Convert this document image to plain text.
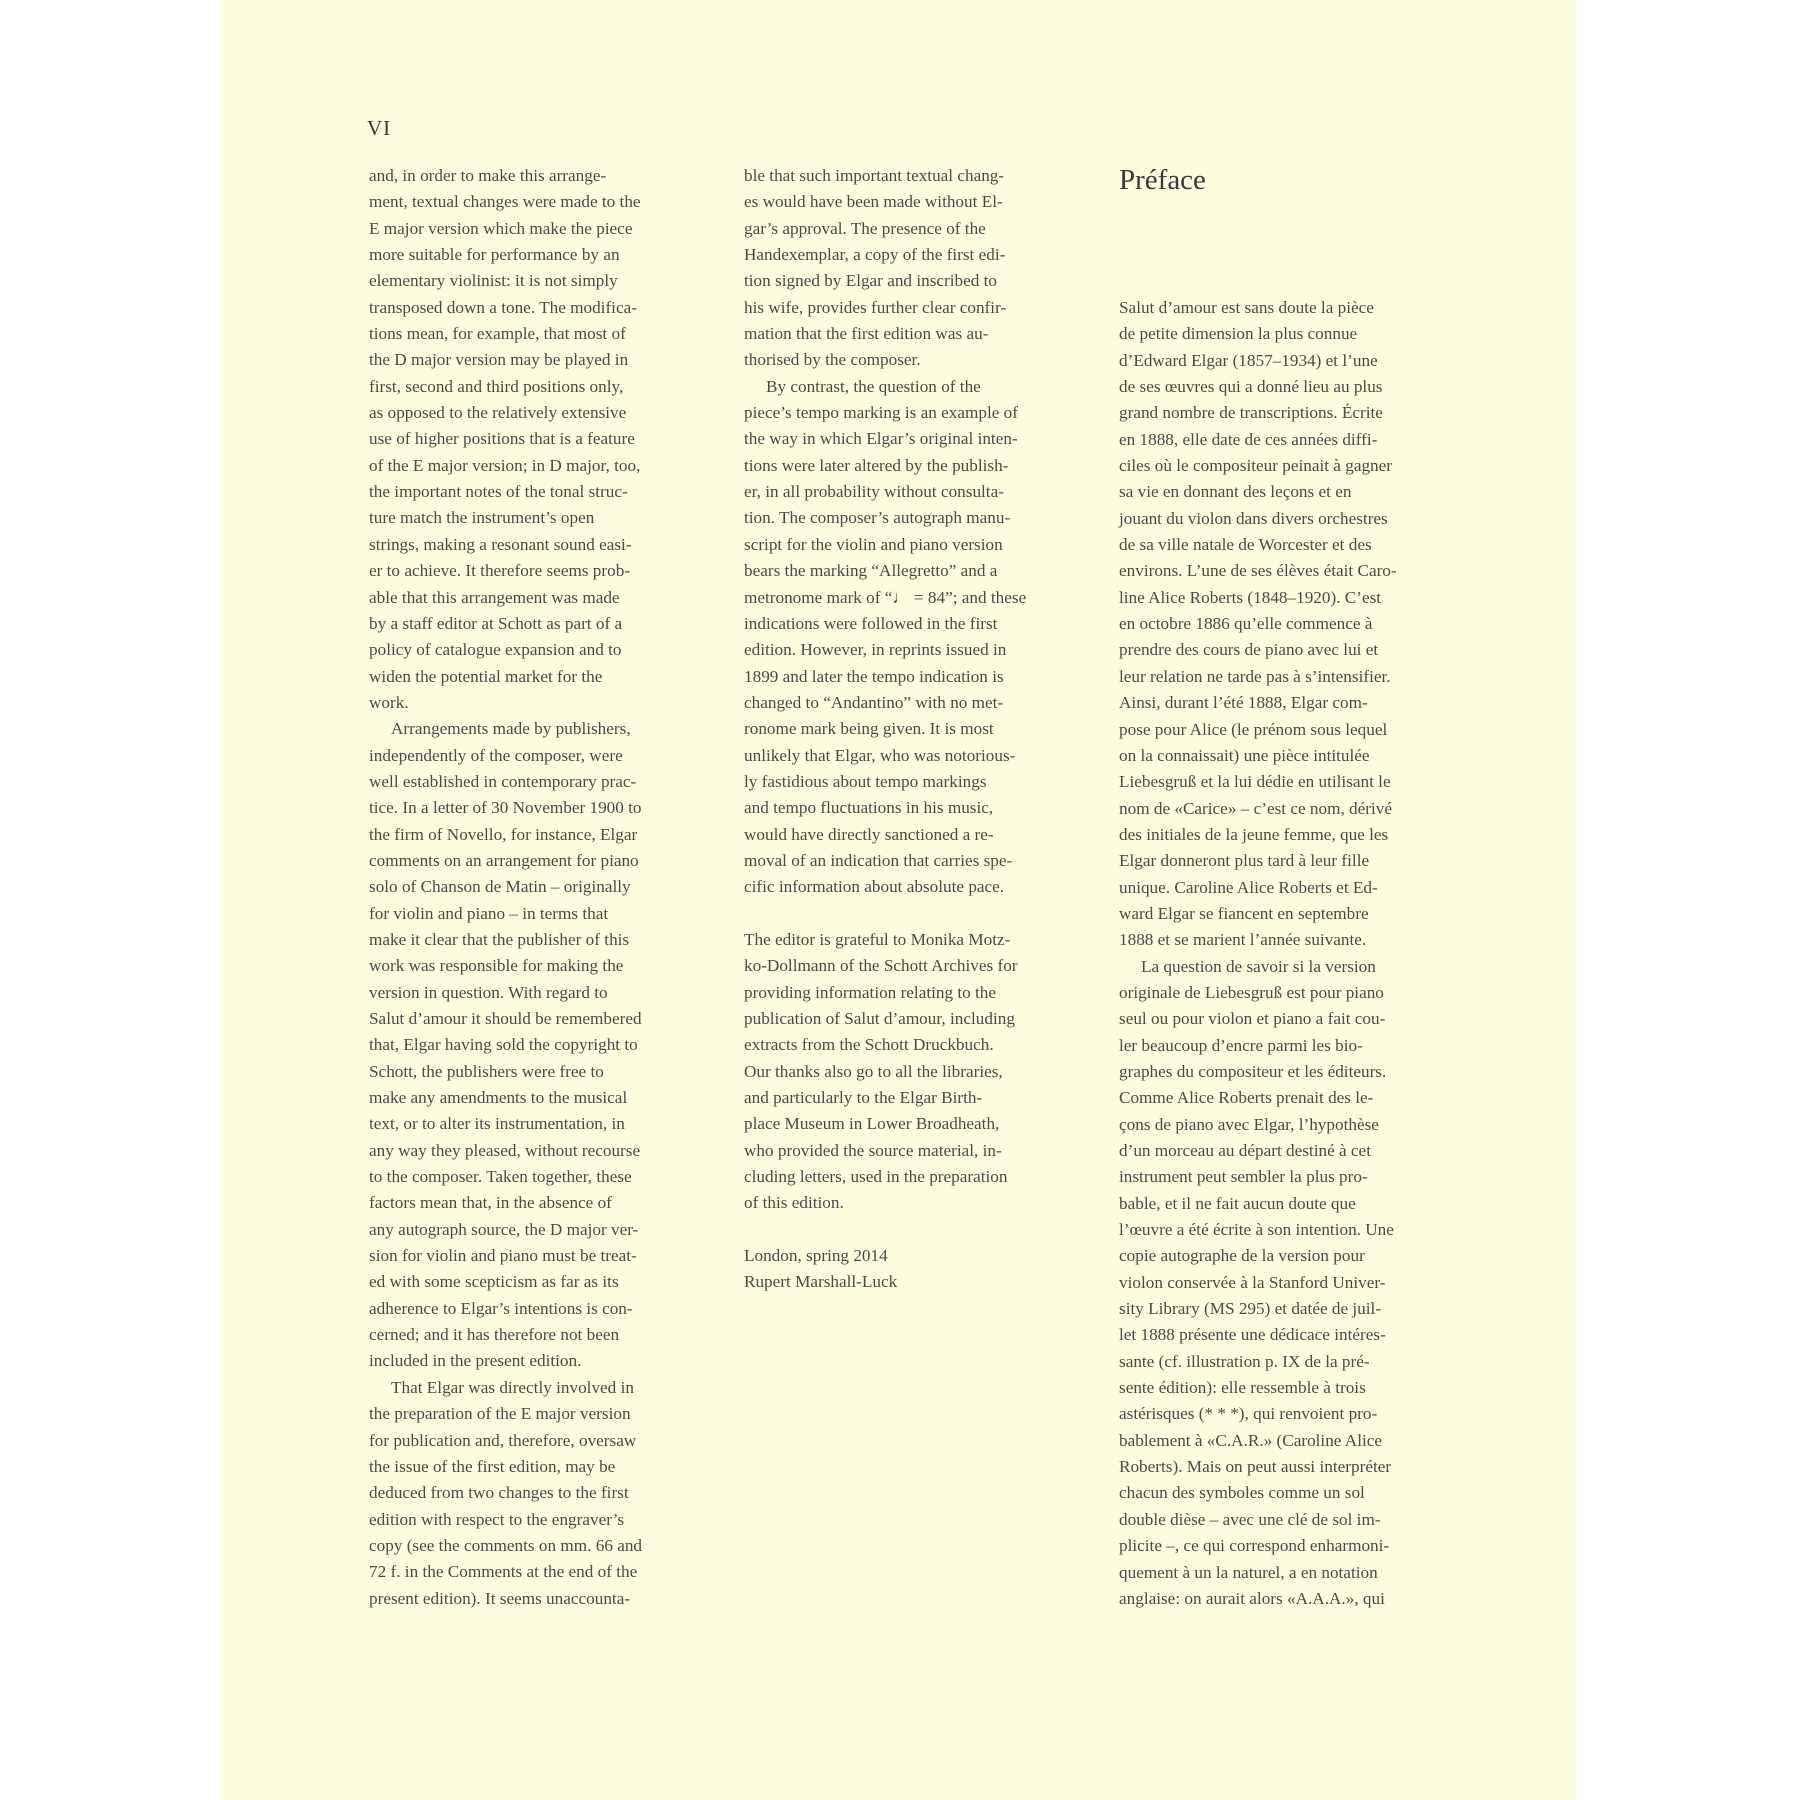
VI
and, in order to make this arrange-
ment, textual changes were made to the
E major version which make the piece
more suitable for performance by an
elementary violinist: it is not simply
transposed down a tone. The modifica-
tions mean, for example, that most of
the D major version may be played in
first, second and third positions only,
as opposed to the relatively extensive
use of higher positions that is a feature
of the E major version; in D major, too,
the important notes of the tonal struc-
ture match the instrument’s open
strings, making a resonant sound easi-
er to achieve. It therefore seems prob-
able that this arrangement was made
by a staff editor at Schott as part of a
policy of catalogue expansion and to
widen the potential market for the
work.
Arrangements made by publishers,
independently of the composer, were
well established in contemporary prac-
tice. In a letter of 30 November 1900 to
the firm of Novello, for instance, Elgar
comments on an arrangement for piano
solo of Chanson de Matin – originally
for violin and piano – in terms that
make it clear that the publisher of this
work was responsible for making the
version in question. With regard to
Salut d’amour it should be remembered
that, Elgar having sold the copyright to
Schott, the publishers were free to
make any amendments to the musical
text, or to alter its instrumentation, in
any way they pleased, without recourse
to the composer. Taken together, these
factors mean that, in the absence of
any autograph source, the D major ver-
sion for violin and piano must be treat-
ed with some scepticism as far as its
adherence to Elgar’s intentions is con-
cerned; and it has therefore not been
included in the present edition.
That Elgar was directly involved in
the preparation of the E major version
for publication and, therefore, oversaw
the issue of the first edition, may be
deduced from two changes to the first
edition with respect to the engraver’s
copy (see the comments on mm. 66 and
72 f. in the Comments at the end of the
present edition). It seems unaccounta-
ble that such important textual chang-
es would have been made without El-
gar’s approval. The presence of the
Handexemplar, a copy of the first edi-
tion signed by Elgar and inscribed to
his wife, provides further clear confir-
mation that the first edition was au-
thorised by the composer.
By contrast, the question of the
piece’s tempo marking is an example of
the way in which Elgar’s original inten-
tions were later altered by the publish-
er, in all probability without consulta-
tion. The composer’s autograph manu-
script for the violin and piano version
bears the marking “Allegretto” and a
metronome mark of “♩ = 84”; and these
indications were followed in the first
edition. However, in reprints issued in
1899 and later the tempo indication is
changed to “Andantino” with no met-
ronome mark being given. It is most
unlikely that Elgar, who was notorious-
ly fastidious about tempo markings
and tempo fluctuations in his music,
would have directly sanctioned a re-
moval of an indication that carries spe-
cific information about absolute pace.
The editor is grateful to Monika Motz-
ko-Dollmann of the Schott Archives for
providing information relating to the
publication of Salut d’amour, including
extracts from the Schott Druckbuch.
Our thanks also go to all the libraries,
and particularly to the Elgar Birth-
place Museum in Lower Broadheath,
who provided the source material, in-
cluding letters, used in the preparation
of this edition.
London, spring 2014
Rupert Marshall-Luck
Préface
Salut d’amour est sans doute la pièce
de petite dimension la plus connue
d’Edward Elgar (1857–1934) et l’une
de ses œuvres qui a donné lieu au plus
grand nombre de transcriptions. Écrite
en 1888, elle date de ces années diffi-
ciles où le compositeur peinait à gagner
sa vie en donnant des leçons et en
jouant du violon dans divers orchestres
de sa ville natale de Worcester et des
environs. L’une de ses élèves était Caro-
line Alice Roberts (1848–1920). C’est
en octobre 1886 qu’elle commence à
prendre des cours de piano avec lui et
leur relation ne tarde pas à s’intensifier.
Ainsi, durant l’été 1888, Elgar com-
pose pour Alice (le prénom sous lequel
on la connaissait) une pièce intitulée
Liebesgruß et la lui dédie en utilisant le
nom de «Carice» – c’est ce nom, dérivé
des initiales de la jeune femme, que les
Elgar donneront plus tard à leur fille
unique. Caroline Alice Roberts et Ed-
ward Elgar se fiancent en septembre
1888 et se marient l’année suivante.
La question de savoir si la version
originale de Liebesgruß est pour piano
seul ou pour violon et piano a fait cou-
ler beaucoup d’encre parmi les bio-
graphes du compositeur et les éditeurs.
Comme Alice Roberts prenait des le-
çons de piano avec Elgar, l’hypothèse
d’un morceau au départ destiné à cet
instrument peut sembler la plus pro-
bable, et il ne fait aucun doute que
l’œuvre a été écrite à son intention. Une
copie autographe de la version pour
violon conservée à la Stanford Univer-
sity Library (MS 295) et datée de juil-
let 1888 présente une dédicace intéres-
sante (cf. illustration p. IX de la pré-
sente édition): elle ressemble à trois
astérisques (* * *), qui renvoient pro-
bablement à «C.A.R.» (Caroline Alice
Roberts). Mais on peut aussi interpréter
chacun des symboles comme un sol
double dièse – avec une clé de sol im-
plicite –, ce qui correspond enharmoni-
quement à un la naturel, a en notation
anglaise: on aurait alors «A.A.A.», qui
